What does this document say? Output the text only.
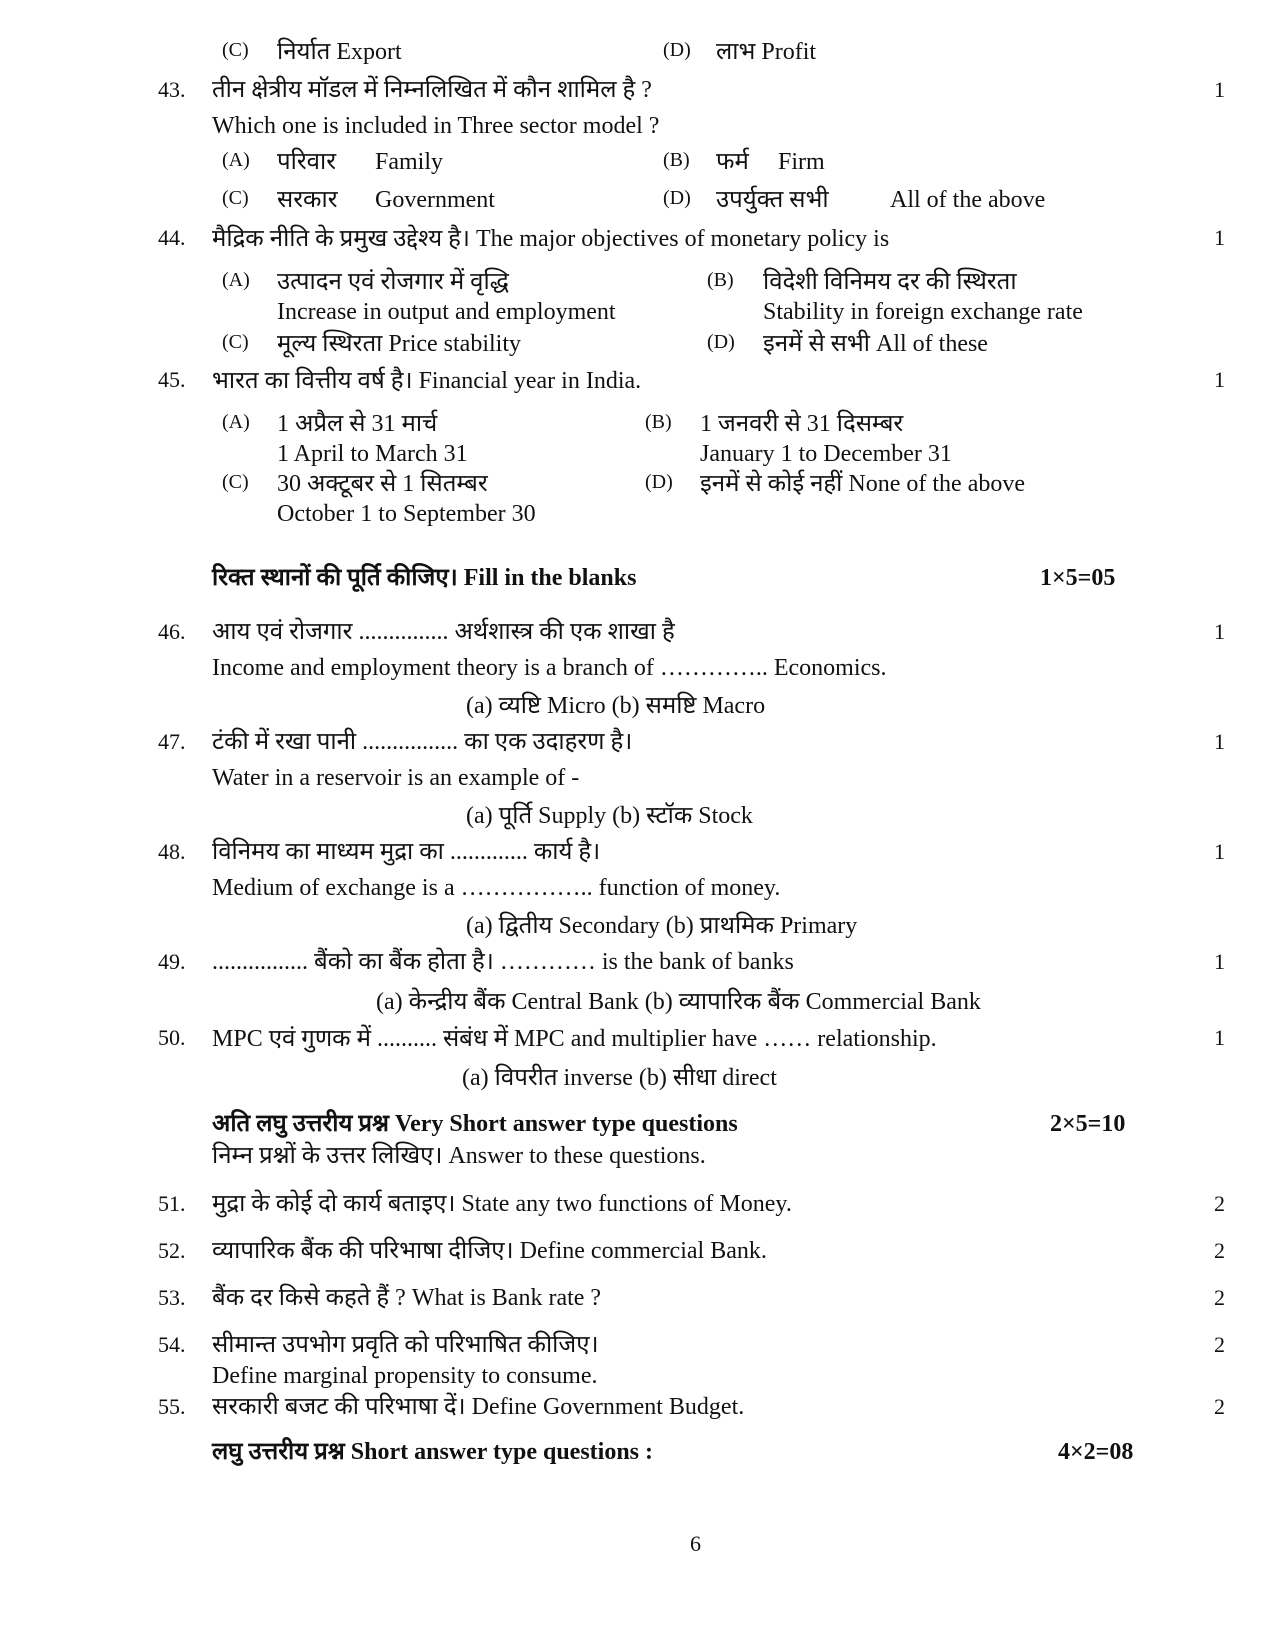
(C) निर्यात Export	(D) लाभ Profit
43. तीन क्षेत्रीय मॉडल में निम्नलिखित में कौन शामिल है ?	1
Which one is included in Three sector model ?
(A) परिवार Family	(B) फर्म Firm
(C) सरकार Government	(D) उपर्युक्त सभी	All of the above
44. मैद्रिक नीति के प्रमुख उद्देश्य है। The major objectives of monetary policy is	1
(A) उत्पादन एवं रोजगार में वृद्धि
Increase in output and employment
(B) विदेशी विनिमय दर की स्थिरता
Stability in foreign exchange rate
(C) मूल्य स्थिरता Price stability	(D) इनमें से सभी All of these
45. भारत का वित्तीय वर्ष है। Financial year in India.	1
(A) 1 अप्रैल से 31 मार्च
1 April to March 31
(B) 1 जनवरी से 31 दिसम्बर
January 1 to December 31
(C) 30 अक्टूबर से 1 सितम्बर
October 1 to September 30
(D) इनमें से कोई नहीं None of the above
रिक्त स्थानों की पूर्ति कीजिए। Fill in the blanks	1×5=05
46. आय एवं रोजगार ............... अर्थशास्त्र की एक शाखा है	1
Income and employment theory is a branch of ………….. Economics.
(a) व्यष्टि Micro (b) समष्टि Macro
47. टंकी में रखा पानी ................ का एक उदाहरण है।	1
Water in a reservoir is an example of -
(a) पूर्ति Supply (b) स्टॉक Stock
48. विनिमय का माध्यम मुद्रा का ............. कार्य है।	1
Medium of exchange is a …………….. function of money.
(a) द्वितीय Secondary (b) प्राथमिक Primary
49. ................ बैंको का बैंक होता है। ………… is the bank of banks	1
(a) केन्द्रीय बैंक Central Bank (b) व्यापारिक बैंक Commercial Bank
50. MPC एवं गुणक में .......... संबंध में MPC and multiplier have …… relationship.	1
(a) विपरीत inverse (b) सीधा direct
अति लघु उत्तरीय प्रश्न Very Short answer type questions	2×5=10
निम्न प्रश्नों के उत्तर लिखिए। Answer to these questions.
51. मुद्रा के कोई दो कार्य बताइए। State any two functions of Money.	2
52. व्यापारिक बैंक की परिभाषा दीजिए। Define commercial Bank.	2
53. बैंक दर किसे कहते हैं ? What is Bank rate ?	2
54. सीमान्त उपभोग प्रवृति को परिभाषित कीजिए।	2
Define marginal propensity to consume.
55. सरकारी बजट की परिभाषा दें। Define Government Budget.	2
लघु उत्तरीय प्रश्न Short answer type questions :	4×2=08
6
